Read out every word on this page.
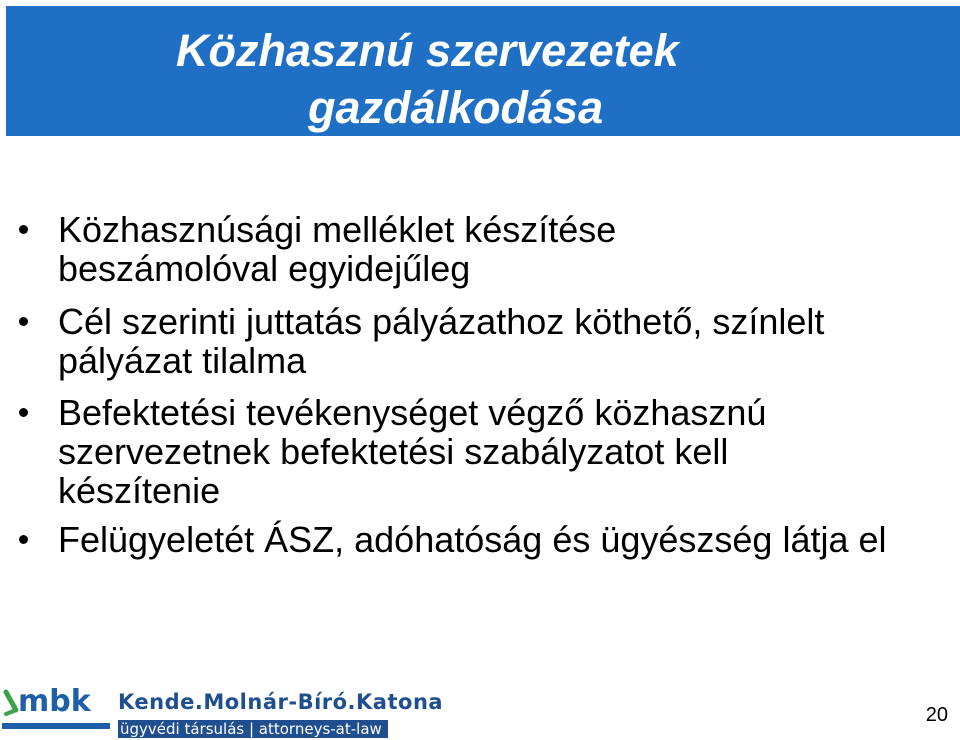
Közhasznú szervezetek
gazdálkodása
Közhasznúsági melléklet készítése beszámolóval egyidejűleg
Cél szerinti juttatás pályázathoz köthető, színlelt pályázat tilalma
Befektetési tevékenységet végző közhasznú szervezetnek befektetési szabályzatot kell készítenie
Felügyeletét ÁSZ, adóhatóság és ügyészség látja el
mbk Kende.Molnár-Bíró.Katona
ügyvédi társulás | attorneys-at-law
20
